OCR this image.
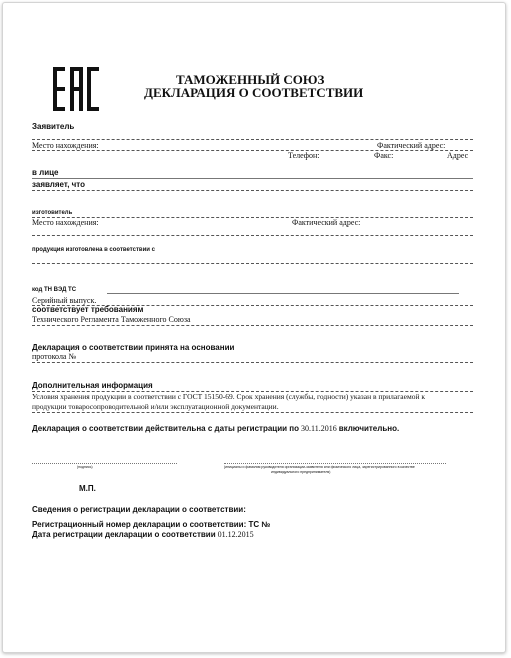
ТАМОЖЕННЫЙ СОЮЗ
ДЕКЛАРАЦИЯ О СООТВЕТСТВИИ
Заявитель
Место нахождения:	Фактический адрес:
Телефон:	Факс:	Адрес
в лице
заявляет, что
изготовитель
Место нахождения:	Фактический адрес:
продукция изготовлена в соответствии с
код ТН ВЭД ТС
Серийный выпуск.
соответствует требованиям
Технического Регламента Таможенного Союза
Декларация о соответствии принята на основании
протокола №
Дополнительная информация
Условия хранения продукции в соответствии с ГОСТ 15150-69. Срок хранения (службы, годности) указан в прилагаемой к
продукции товаросопроводительной и/или эксплуатационной документации.
Декларация о соответствии действительна с даты регистрации по 30.11.2016 включительно.
(подпись)	(инициалы и фамилия руководителя организации-заявителя или физического лица, зарегистрированного в качестве
индивидуального предпринимателя)
М.П.
Сведения о регистрации декларации о соответствии:
Регистрационный номер декларации о соответствии: ТС №
Дата регистрации декларации о соответствии 01.12.2015
